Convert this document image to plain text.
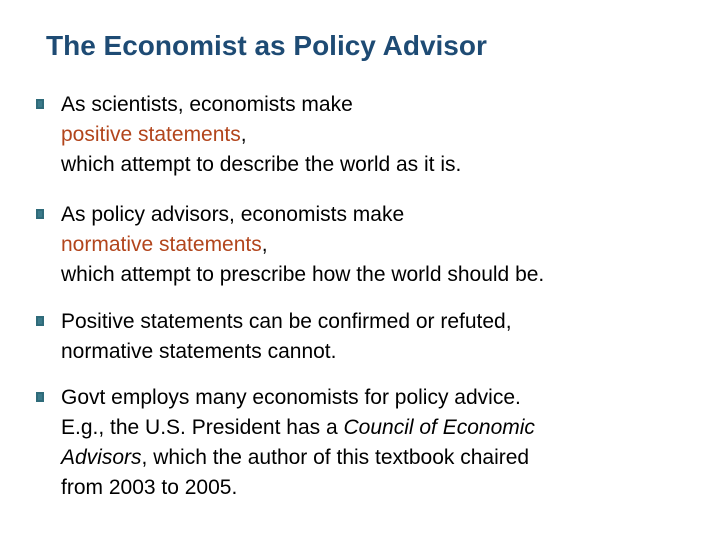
The Economist as Policy Advisor
As scientists, economists make
positive statements,
which attempt to describe the world as it is.
As policy advisors, economists make
normative statements,
which attempt to prescribe how the world should be.
Positive statements can be confirmed or refuted,
normative statements cannot.
Govt employs many economists for policy advice.
E.g., the U.S. President has a Council of Economic
Advisors, which the author of this textbook chaired
from 2003 to 2005.
